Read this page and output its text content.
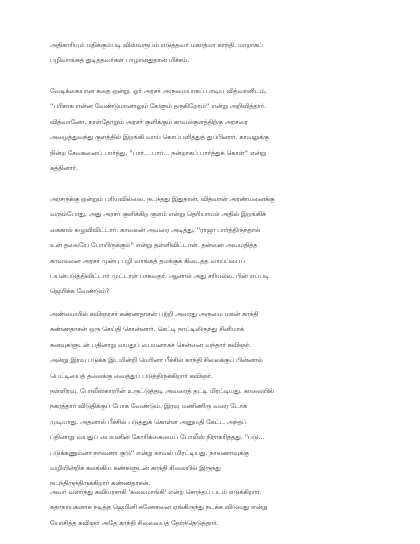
அதிகாரியும் மதிக்கும்படி விஸ்வரூபம் எடுத்தவர் மகாத்மா காந்தி. மாறாகப்
பழிவாங்கத் துடித்தவர்கள் பாழானதுதான் மிச்சம்.
வேடிக்கையான கதை ஒன்று. ஓர் அரசர் அருமையாகப் பாடிய வித்வானிடம்,
''பரிசாக என்ன வேண்டுமானாலும் கேளும் தருகிறோம்'' என்று அறிவித்தார்.
வித்வானோ, நாள்தோறும் அரசர் குளிக்கும் காவல்குளத்திற்கு அரசரை
அழைத்துவந்து குளத்தில் இறங்கி வாய் கொப்பளித்துத் துப்பினார். காவலுக்கு
நின்ற சேவகனைப் பார்த்து, ''பார்... பார்... நன்றாகப் பார்த்துக் கொள்'' என்று
கத்தினார்.
அரசருக்கு ஒன்றும் புரியவில்லை. நடந்தது இதுதான். வித்வான் அரண்மனைக்கு
வரும்போது, அது அரசர் குளிக்கிற குளம் என்று தெரியாமல் அதில் இறங்கிக்
கைகால் கழுவிவிட்டார். காவலன் அவரை அடித்து, ''ராஜா பார்த்திருந்தால்
உன் தலையே போயிருக்கும்'' என்று தள்ளிவிட்டான். தன்னை அவமதித்த
காவலனை அரசர் முன்பு பழி வாங்கத் தமக்குக் கிடைத்த வாய்ப்பைப்
பயன்படுத்திவிட்டார் முட்டாள் பாகவதர். ஆனால் அது சரியல்ல. பின் எப்படி
ஜெயிக்க வேண்டும்?
அண்மையில் கவிஞரசர் கண்ணதாசன் பற்றி அவரது அருமை மகன் காந்தி
கண்ணதாசன் ஒரு செய்தி சொன்னார். செட்டி நாட்டிலிருந்து சினிமாக்
கனவுகளுடன் பதினாறு வயதுப் பையனாகச் சென்னை வந்தார் கவிஞர்.
அன்று இரவு படுக்க இடமின்றி மெரினா பீச்சில் காந்தி சிலைக்குப் பின்னால்
பெட்டியைத் தலைக்கு வைத்துப் படுத்திருக்கிறார் கவிஞர்.
நள்ளிரவு. போலீஸ்காரரின் உருட்டுத்தடி அவரைத் தட்டி மிரட்டியது. காலையில்
நகரத்தார் விடுதிக்குப் போக வேண்டும். இரவு மணிணிரு வரை டோக
முடியாது. அதனால் பீச்சில் படுத்துக் கொள்ள அனுமதி கேட்ட அந்தப்
பதினாறு வயதுப் பையனின் கோரிக்கையைப் போலீஸ் நிராகரித்தது. ''படு...
படுக்கணும்னா நாலணா குடு'' என்று காவல் மிரட்டியது. நாலணாவுக்கு
வழியின்றிக் கலங்கிய கண்களுடன் காந்தி சிலையில் இருந்து
நடந்திருந்திருக்கிறார் கண்ணதாசன்.
அவர் வளர்ந்து கவியரசாகி 'கலைமாங்கி' என்ற சொந்தப் படம் எடுக்கிறார்.
கதாநாயகனாக நடித்த ஜெமினி கணேசனை ஏங்கிருந்து நடக்க விடுவது என்று
யோசித்த கவிஞர் அதே காந்தி சிலையைத் தேர்ந்தெடுத்தார்.
